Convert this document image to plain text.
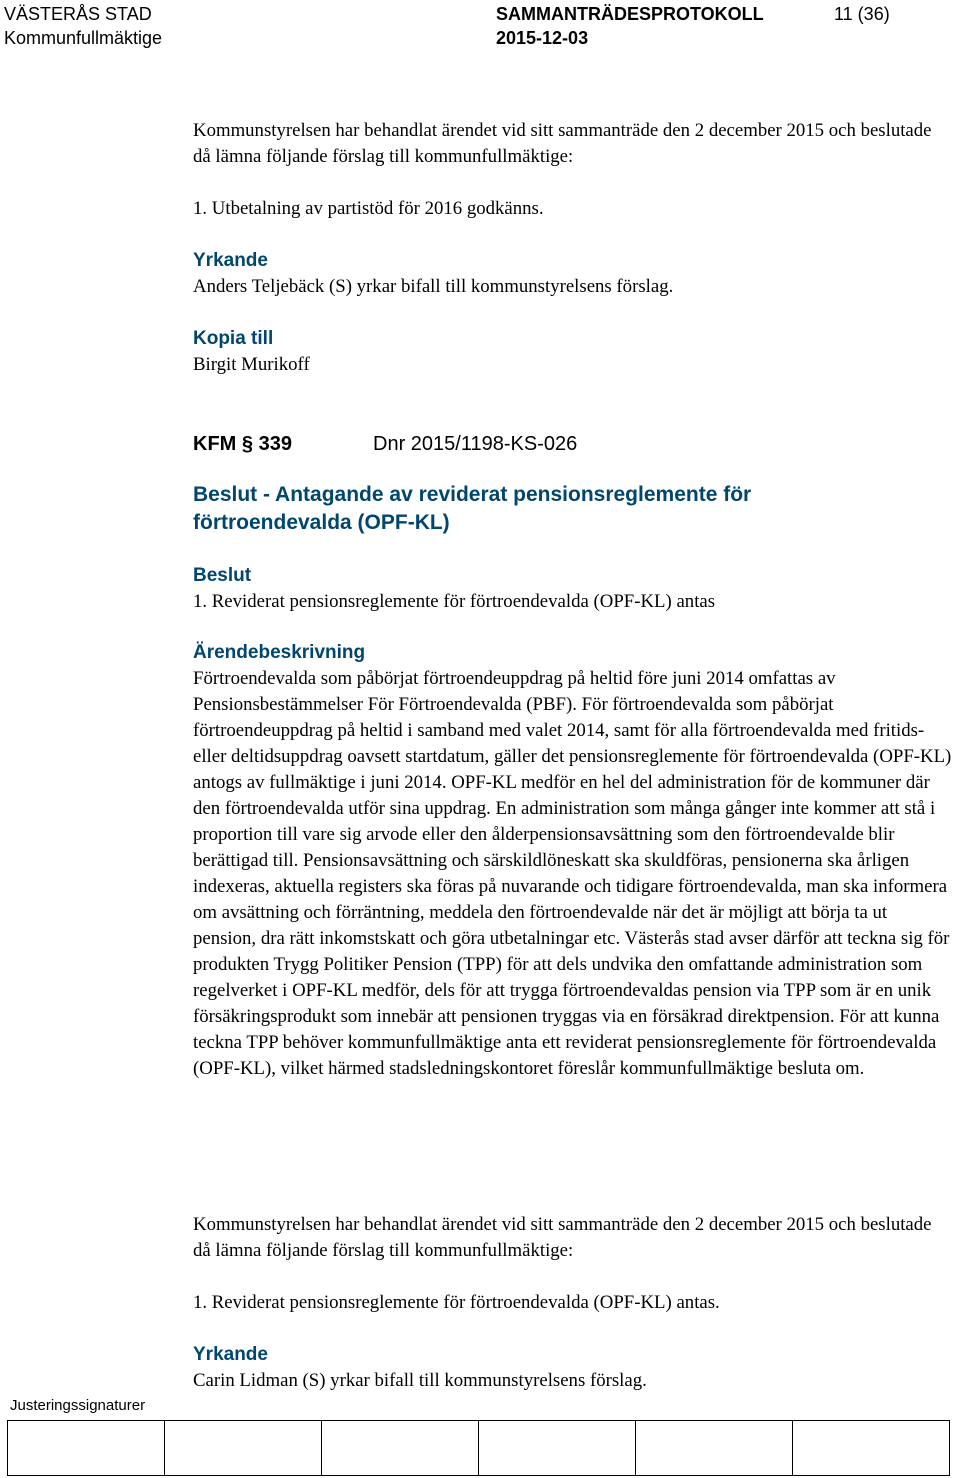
VÄSTERÅS STAD
Kommunfullmäktige
SAMMANTRÄDESPROTOKOLL
2015-12-03
11 (36)
Kommunstyrelsen har behandlat ärendet vid sitt sammanträde den 2 december 2015 och beslutade då lämna följande förslag till kommunfullmäktige:
1. Utbetalning av partistöd för 2016 godkänns.
Yrkande
Anders Teljebäck (S) yrkar bifall till kommunstyrelsens förslag.
Kopia till
Birgit Murikoff
KFM § 339	Dnr 2015/1198-KS-026
Beslut - Antagande av reviderat pensionsreglemente för förtroendevalda (OPF-KL)
Beslut
1. Reviderat pensionsreglemente för förtroendevalda (OPF-KL) antas
Ärendebeskrivning
Förtroendevalda som påbörjat förtroendeuppdrag på heltid före juni 2014 omfattas av Pensionsbestämmelser För Förtroendevalda (PBF). För förtroendevalda som påbörjat förtroendeuppdrag på heltid i samband med valet 2014, samt för alla förtroendevalda med fritids- eller deltidsuppdrag oavsett startdatum, gäller det pensionsreglemente för förtroendevalda (OPF-KL) antogs av fullmäktige i juni 2014. OPF-KL medför en hel del administration för de kommuner där den förtroendevalda utför sina uppdrag. En administration som många gånger inte kommer att stå i proportion till vare sig arvode eller den ålderpensionsavsättning som den förtroendevalde blir berättigad till. Pensionsavsättning och särskildlöneskatt ska skuldföras, pensionerna ska årligen indexeras, aktuella registers ska föras på nuvarande och tidigare förtroendevalda, man ska informera om avsättning och förräntning, meddela den förtroendevalde när det är möjligt att börja ta ut pension, dra rätt inkomstskatt och göra utbetalningar etc. Västerås stad avser därför att teckna sig för produkten Trygg Politiker Pension (TPP) för att dels undvika den omfattande administration som regelverket i OPF-KL medför, dels för att trygga förtroendevaldas pension via TPP som är en unik försäkringsprodukt som innebär att pensionen tryggas via en försäkrad direktpension. För att kunna teckna TPP behöver kommunfullmäktige anta ett reviderat pensionsreglemente för förtroendevalda (OPF-KL), vilket härmed stadsledningskontoret föreslår kommunfullmäktige besluta om.
Kommunstyrelsen har behandlat ärendet vid sitt sammanträde den 2 december 2015 och beslutade då lämna följande förslag till kommunfullmäktige:
1. Reviderat pensionsreglemente för förtroendevalda (OPF-KL) antas.
Yrkande
Carin Lidman (S) yrkar bifall till kommunstyrelsens förslag.
Justeringssignaturer
